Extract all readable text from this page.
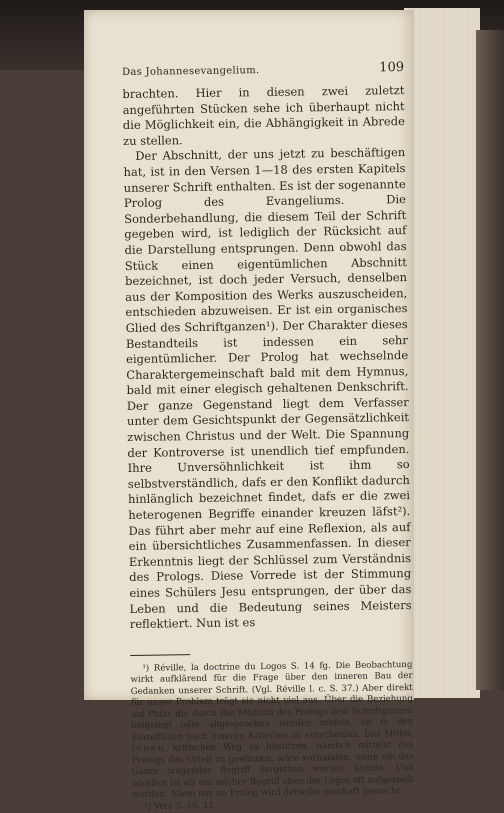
Das Johannesevangelium.	109

brachten. Hier in diesen zwei zuletzt angeführten Stücken sehe ich überhaupt nicht die Möglichkeit ein, die Abhängigkeit in Abrede zu stellen.

Der Abschnitt, der uns jetzt zu beschäftigen hat, ist in den Versen 1—18 des ersten Kapitels unserer Schrift enthalten. Es ist der sogenannte Prolog des Evangeliums. Die Sonderbehandlung, die diesem Teil der Schrift gegeben wird, ist lediglich der Rücksicht auf die Darstellung entsprungen. Denn obwohl das Stück einen eigentümlichen Abschnitt bezeichnet, ist doch jeder Versuch, denselben aus der Komposition des Werks auszuscheiden, entschieden abzuweisen. Er ist ein organisches Glied des Schriftganzen¹). Der Charakter dieses Bestandteils ist indessen ein sehr eigentümlicher. Der Prolog hat wechselnde Charaktergemeinschaft bald mit dem Hymnus, bald mit einer elegisch gehaltenen Denkschrift. Der ganze Gegenstand liegt dem Verfasser unter dem Gesichtspunkt der Gegensätzlichkeit zwischen Christus und der Welt. Die Spannung der Kontroverse ist unendlich tief empfunden. Ihre Unversöhnlichkeit ist ihm so selbstverständlich, dafs er den Konflikt dadurch hinlänglich bezeichnet findet, dafs er die zwei heterogenen Begriffe einander kreuzen läfst²). Das führt aber mehr auf eine Reflexion, als auf ein übersichtliches Zusammenfassen. In dieser Erkenntnis liegt der Schlüssel zum Verständnis des Prologs. Diese Vorrede ist der Stimmung eines Schülers Jesu entsprungen, der über das Leben und die Bedeutung seines Meisters reflektiert. Nun ist es

¹) Réville, la doctrine du Logos S. 14 fg. Die Beobachtung wirkt aufklärend für die Frage über den inneren Bau der Gedanken unserer Schrift. (Vgl. Réville l. c. S. 37.) Aber direkt für unser Problem trägt sie nicht viel aus. Über die Beziehung auf Philo, die durch das Medium des Prologs dem Schriftganzen beigelegt oder abgesprochen werden müfste, ist in den Einzelfällen nach inneren Kriterien zu entscheiden. Das Mittel, jenen kritischen Weg zu benutzen, nämlich mittelst des Prologs das Urteil zu gewinnen, wäre vorhanden, wenn ein das Ganze tragender Begriff dargethan werden könnte. Und wirklich ist als ein solcher Begriff eben der Logos oft aufgestellt worden. Allein nur im Prolog wird derselbe namhaft gemacht.

²) Vers 5. 10. 11.
